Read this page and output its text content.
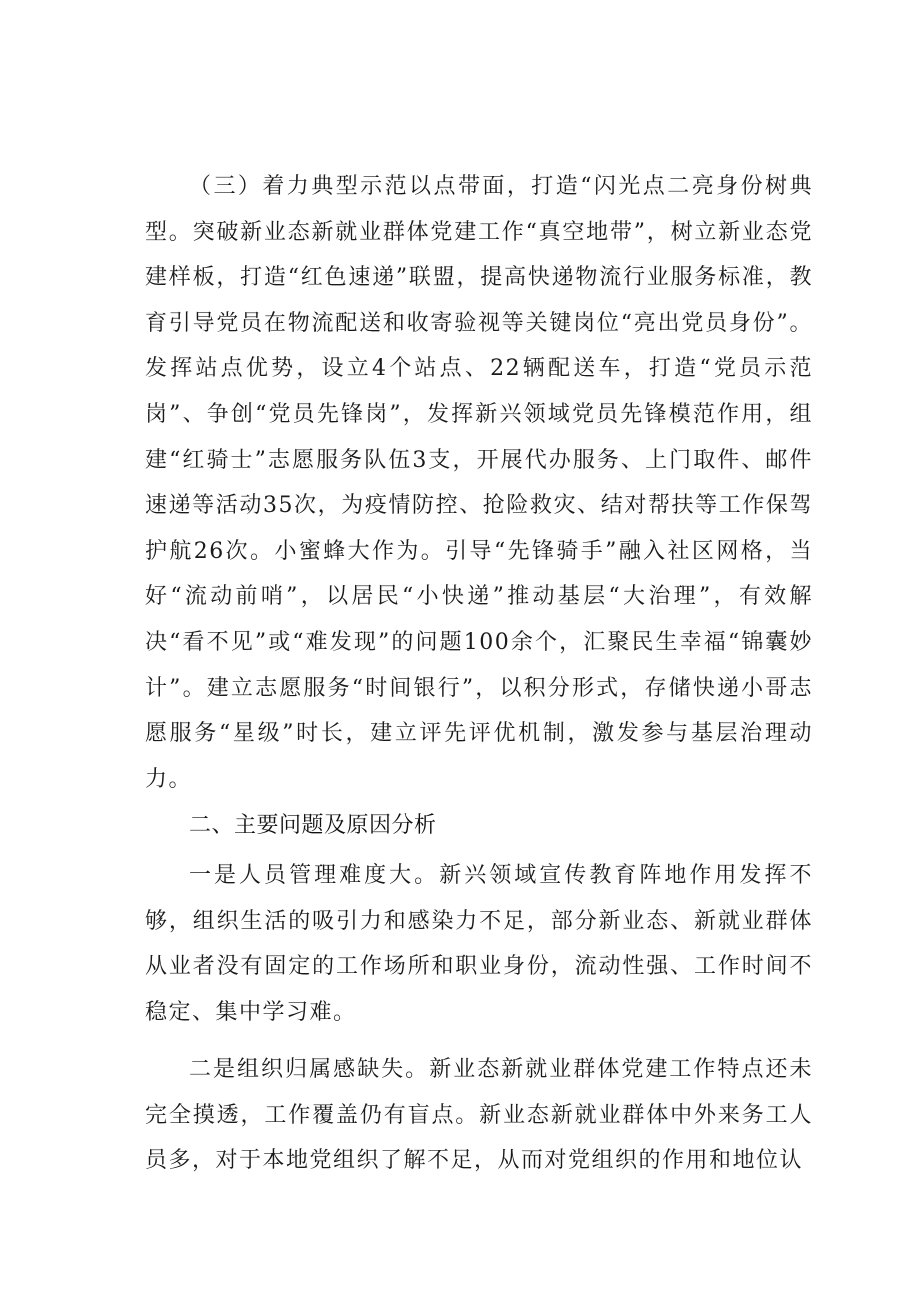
（三）着力典型示范以点带面，打造“闪光点二亮身份树典型。突破新业态新就业群体党建工作“真空地带”，树立新业态党建样板，打造“红色速递”联盟，提高快递物流行业服务标准，教育引导党员在物流配送和收寄验视等关键岗位“亮出党员身份”。发挥站点优势，设立4个站点、22辆配送车，打造“党员示范岗”、争创“党员先锋岗”，发挥新兴领域党员先锋模范作用，组建“红骑士”志愿服务队伍3支，开展代办服务、上门取件、邮件速递等活动35次，为疫情防控、抢险救灾、结对帮扶等工作保驾护航26次。小蜜蜂大作为。引导“先锋骑手”融入社区网格，当好“流动前哨”，以居民“小快递”推动基层“大治理”，有效解决“看不见”或“难发现”的问题100余个，汇聚民生幸福“锦囊妙计”。建立志愿服务“时间银行”，以积分形式，存储快递小哥志愿服务“星级”时长，建立评先评优机制，激发参与基层治理动力。

二、主要问题及原因分析

一是人员管理难度大。新兴领域宣传教育阵地作用发挥不够，组织生活的吸引力和感染力不足，部分新业态、新就业群体从业者没有固定的工作场所和职业身份，流动性强、工作时间不稳定、集中学习难。

二是组织归属感缺失。新业态新就业群体党建工作特点还未完全摸透，工作覆盖仍有盲点。新业态新就业群体中外来务工人员多，对于本地党组织了解不足，从而对党组织的作用和地位认
